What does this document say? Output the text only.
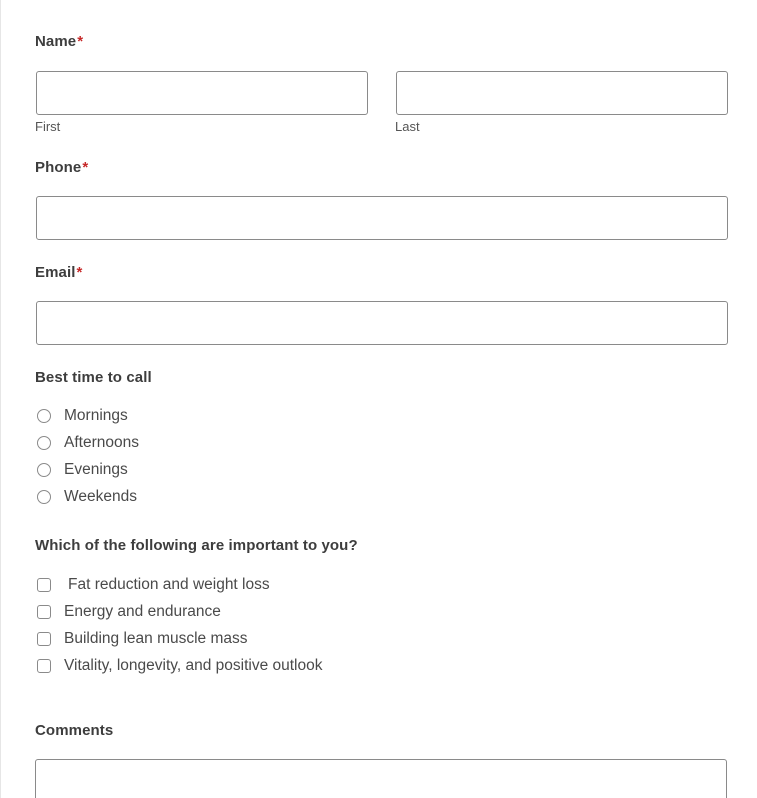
Name*
First	Last
Phone*
Email*
Best time to call
Mornings
Afternoons
Evenings
Weekends
Which of the following are important to you?
Fat reduction and weight loss
Energy and endurance
Building lean muscle mass
Vitality, longevity, and positive outlook
Comments
